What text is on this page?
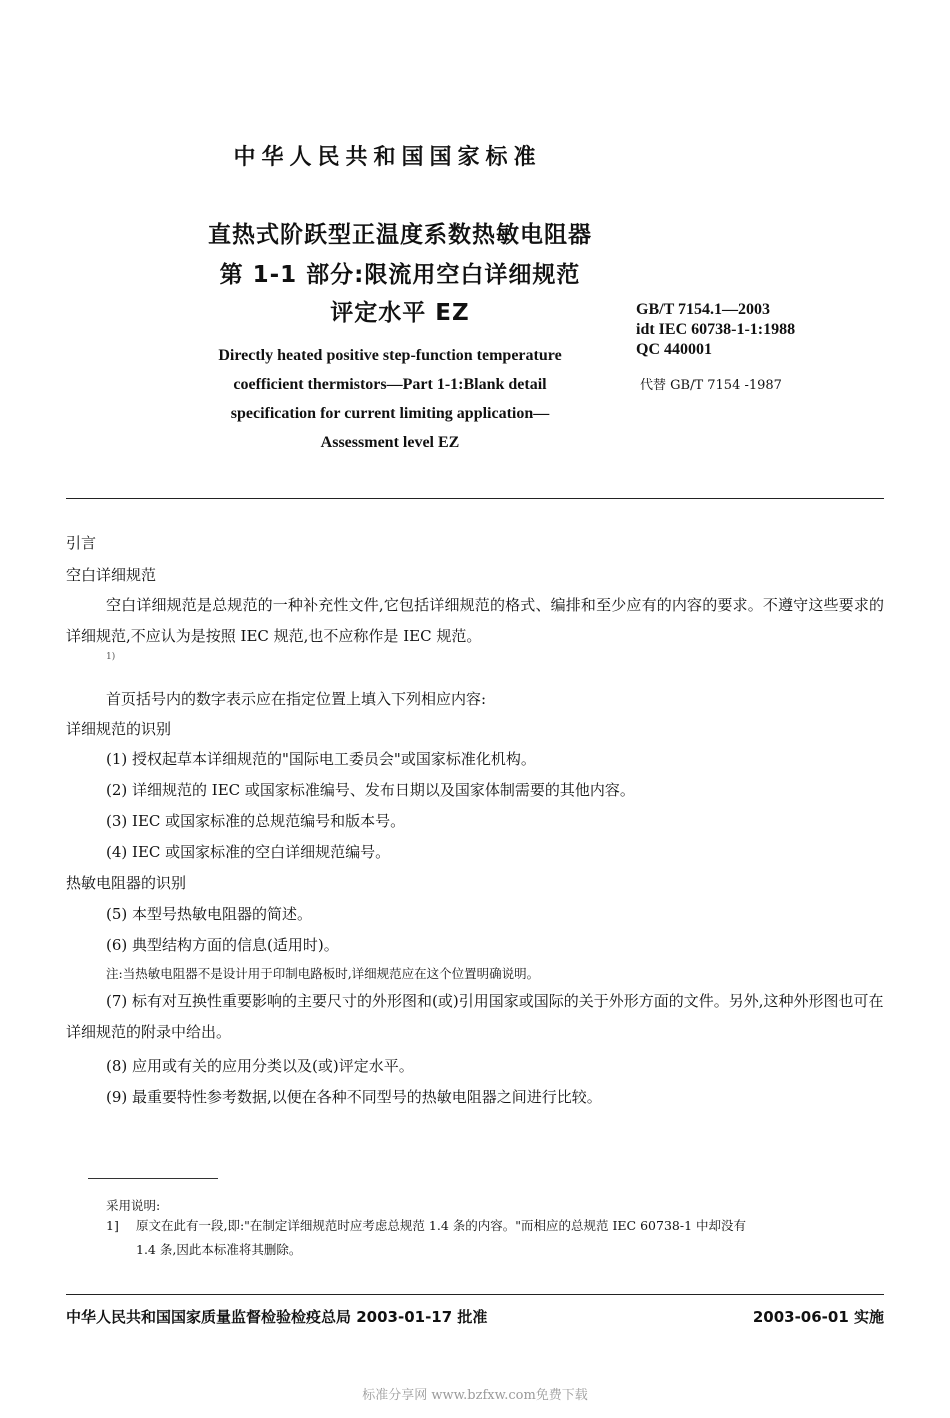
中华人民共和国国家标准
直热式阶跃型正温度系数热敏电阻器
第 1-1 部分:限流用空白详细规范
评定水平 EZ	GB/T 7154.1—2003
idt IEC 60738-1-1:1988
QC 440001
代替 GB/T 7154 -1987
Directly heated positive step-function temperature
coefficient thermistors—Part 1-1:Blank detail
specification for current limiting application—
Assessment level EZ
引言
空白详细规范
空白详细规范是总规范的一种补充性文件,它包括详细规范的格式、编排和至少应有的内容的要求。不遵守这些要求的详细规范,不应认为是按照 IEC 规范,也不应称作是 IEC 规范。
1)
首页括号内的数字表示应在指定位置上填入下列相应内容:
详细规范的识别
(1) 授权起草本详细规范的"国际电工委员会"或国家标准化机构。
(2) 详细规范的 IEC 或国家标准编号、发布日期以及国家体制需要的其他内容。
(3) IEC 或国家标准的总规范编号和版本号。
(4) IEC 或国家标准的空白详细规范编号。
热敏电阻器的识别
(5) 本型号热敏电阻器的简述。
(6) 典型结构方面的信息(适用时)。
注:当热敏电阻器不是设计用于印制电路板时,详细规范应在这个位置明确说明。
(7) 标有对互换性重要影响的主要尺寸的外形图和(或)引用国家或国际的关于外形方面的文件。另外,这种外形图也可在详细规范的附录中给出。
(8) 应用或有关的应用分类以及(或)评定水平。
(9) 最重要特性参考数据,以便在各种不同型号的热敏电阻器之间进行比较。
采用说明:
1] 原文在此有一段,即:"在制定详细规范时应考虑总规范 1.4 条的内容。"而相应的总规范 IEC 60738-1 中却没有
1.4 条,因此本标准将其删除。
中华人民共和国国家质量监督检验检疫总局 2003-01-17 批准	2003-06-01 实施
标准分享网 www.bzfxw.com免费下载
